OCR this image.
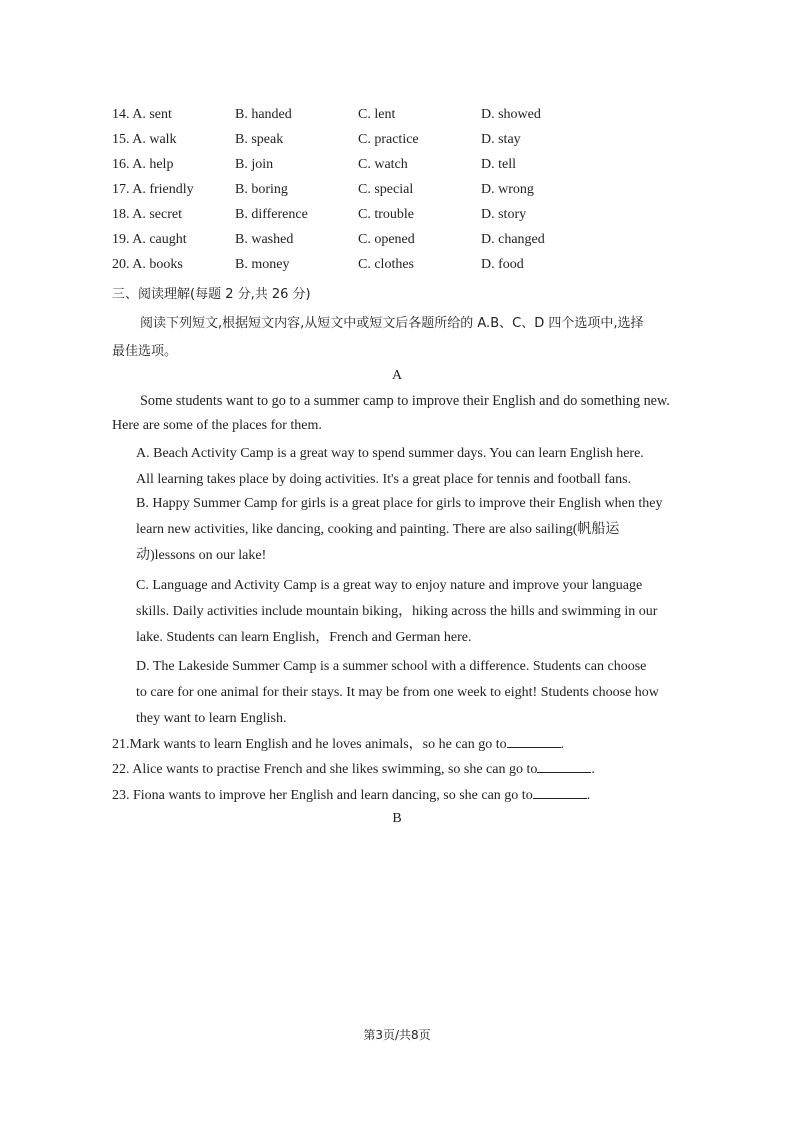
14. A. sent	B. handed	C. lent	D. showed
15. A. walk	B. speak	C. practice	D. stay
16. A. help	B. join	C. watch	D. tell
17. A. friendly	B. boring	C. special	D. wrong
18. A. secret	B. difference	C. trouble	D. story
19. A. caught	B. washed	C. opened	D. changed
20. A. books	B. money	C. clothes	D. food
三、阅读理解(每题 2 分,共 26 分)
阅读下列短文,根据短文内容,从短文中或短文后各题所给的 A.B、C、D 四个选项中,选择
最佳选项。
A
Some students want to go to a summer camp to improve their English and do something new.
Here are some of the places for them.
A. Beach Activity Camp is a great way to spend summer days. You can learn English here.
All learning takes place by doing activities. It's a great place for tennis and football fans.
B. Happy Summer Camp for girls is a great place for girls to improve their English when they
learn new activities, like dancing, cooking and painting. There are also sailing(帆船运
动)lessons on our lake!
C. Language and Activity Camp is a great way to enjoy nature and improve your language
skills. Daily activities include mountain biking，hiking across the hills and swimming in our
lake. Students can learn English，French and German here.
D. The Lakeside Summer Camp is a summer school with a difference. Students can choose
to care for one animal for their stays. It may be from one week to eight! Students choose how
they want to learn English.
21.Mark wants to learn English and he loves animals，so he can go to	.
22. Alice wants to practise French and she likes swimming, so she can go to	.
23. Fiona wants to improve her English and learn dancing, so she can go to	.
B
第3页/共8页
